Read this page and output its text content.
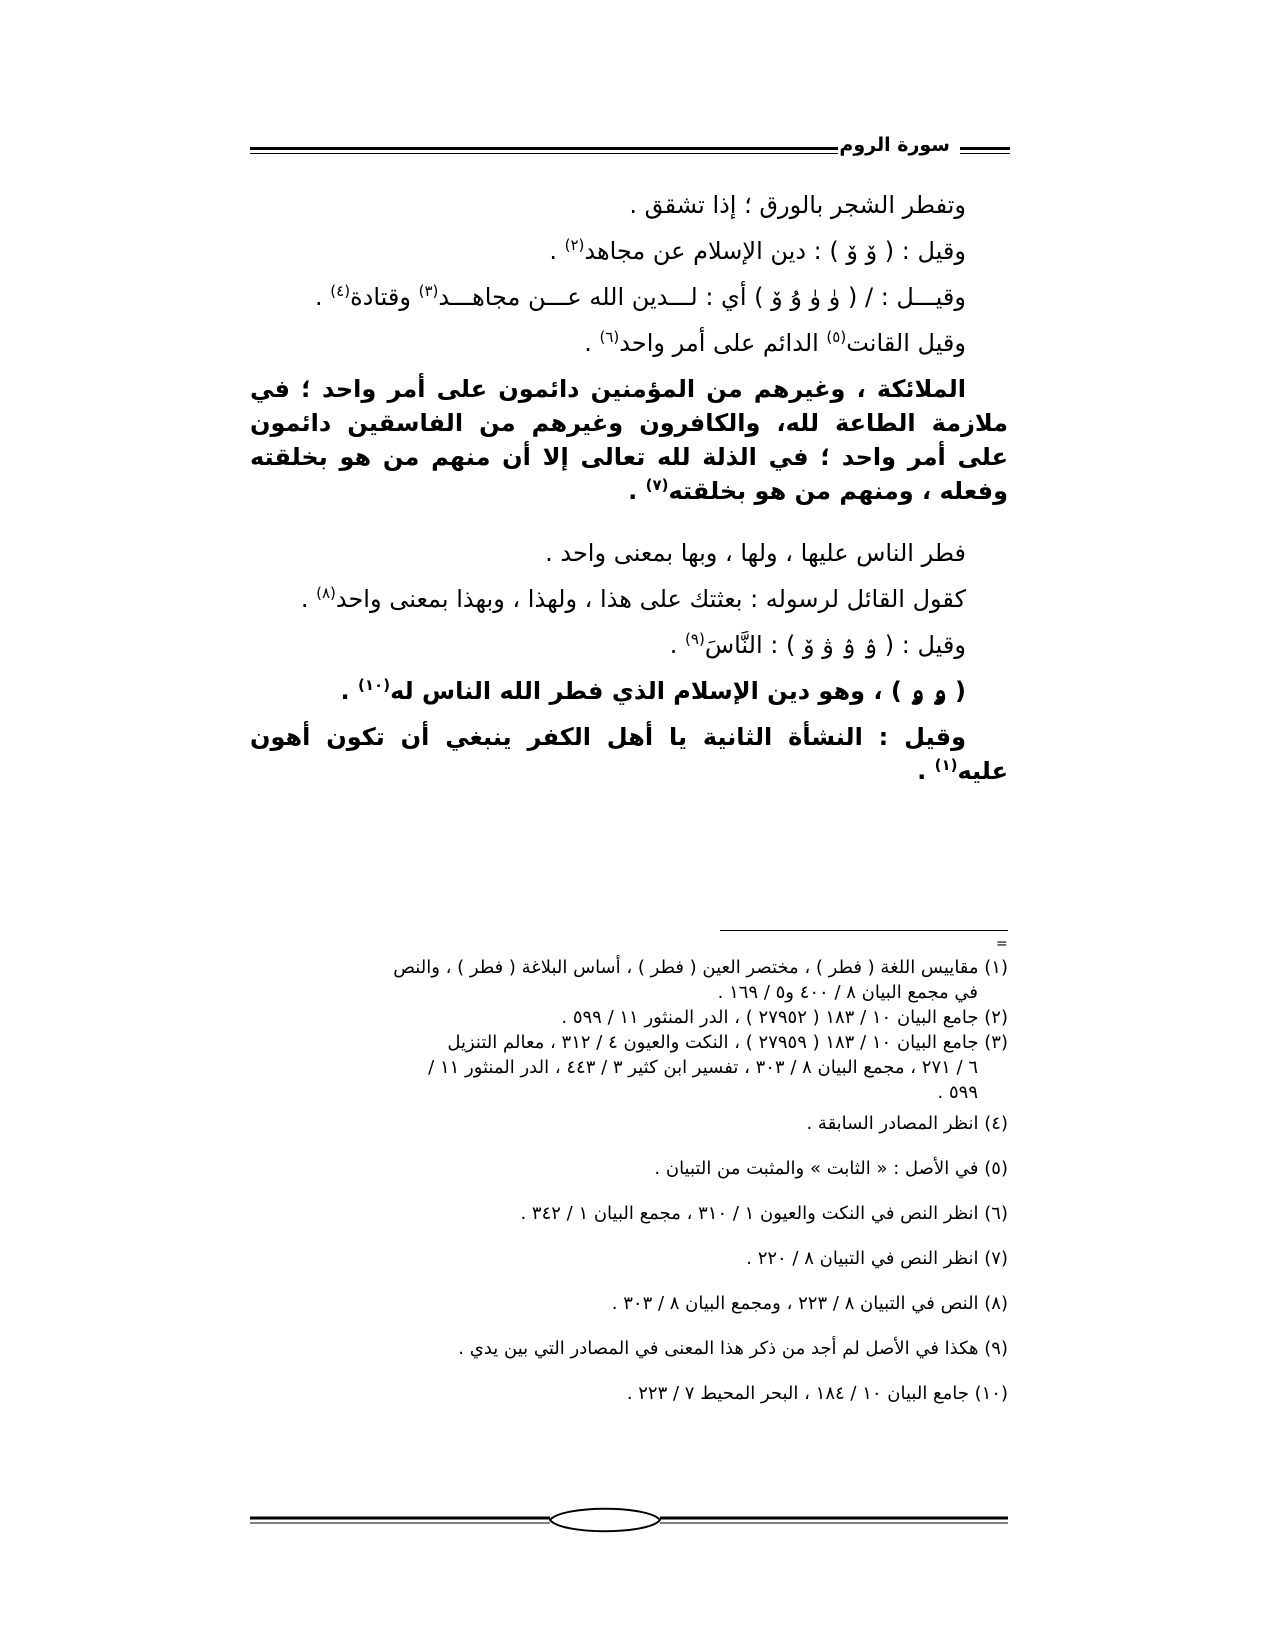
سورة الروم

وتفطر الشجر بالورق ؛ إذا تشقق .

وقيل : ( ۆ ۆ ) : دين الإسلام عن مجاهد$^{(٢)}$ .

وقيـــل : / ( ۈ ۈ ۇ ۆ ) أي : لـــدين الله عـــن مجاهـــد$^{(٣)}$ وقتادة$^{(٤)}$ .

وقيل القانت$^{(٥)}$ الدائم على أمر واحد$^{(٦)}$ .

الملائكة ، وغيرهم من المؤمنين دائمون على أمر واحد ؛ في ملازمة الطاعة لله، والكافرون وغيرهم من الفاسقين دائمون على أمر واحد ؛ في الذلة لله تعالى إلا أن منهم من هو بخلقته وفعله ، ومنهم من هو بخلقته$^{(٧)}$ .

فطر الناس عليها ، ولها ، وبها بمعنى واحد .

كقول القائل لرسوله : بعثتك على هذا ، ولهذا ، وبهذا بمعنى واحد$^{(٨)}$ .

وقيل : ( ۉ ۉ ۋ ۆ ) : النَّاسَ$^{(٩)}$ .

( ۅ ۅ ) ، وهو دين الإسلام الذي فطر الله الناس له$^{(١٠)}$ .

وقيل : النشأة الثانية يا أهل الكفر ينبغي أن تكون أهون عليه$^{(١)}$ .

=
(١) مقاييس اللغة ( فطر ) ، مختصر العين ( فطر ) ، أساس البلاغة ( فطر ) ، والنص
في مجمع البيان ٨ / ٤٠٠ و٥ / ١٦٩ .
(٢) جامع البيان ١٠ / ١٨٣ ( ٢٧٩٥٢ ) ، الدر المنثور ١١ / ٥٩٩ .
(٣) جامع البيان ١٠ / ١٨٣ ( ٢٧٩٥٩ ) ، النكت والعيون ٤ / ٣١٢ ، معالم التنزيل
٦ / ٢٧١ ، مجمع البيان ٨ / ٣٠٣ ، تفسير ابن كثير ٣ / ٤٤٣ ، الدر المنثور ١١ /
٥٩٩ .
(٤) انظر المصادر السابقة .
(٥) في الأصل : « الثابت » والمثبت من التبيان .
(٦) انظر النص في النكت والعيون ١ / ٣١٠ ، مجمع البيان ١ / ٣٤٢ .
(٧) انظر النص في التبيان ٨ / ٢٢٠ .
(٨) النص في التبيان ٨ / ٢٢٣ ، ومجمع البيان ٨ / ٣٠٣ .
(٩) هكذا في الأصل لم أجد من ذكر هذا المعنى في المصادر التي بين يدي .
(١٠) جامع البيان ١٠ / ١٨٤ ، البحر المحيط ٧ / ٢٢٣ .
